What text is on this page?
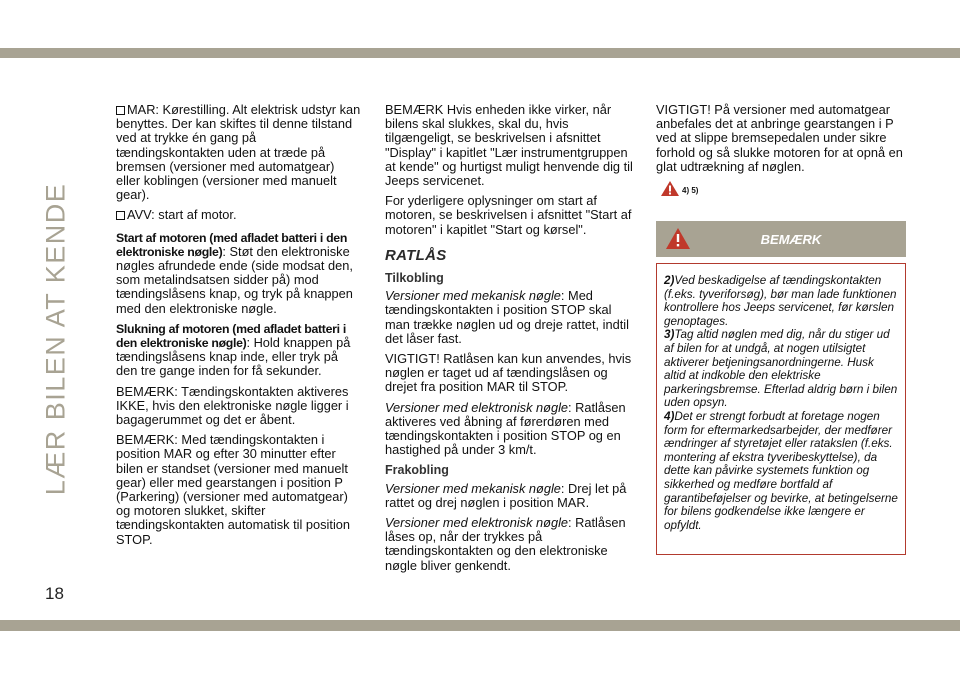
LÆR BILEN AT KENDE
18

MAR: Kørestilling. Alt elektrisk udstyr kan benyttes. Der kan skiftes til denne tilstand ved at trykke én gang på tændingskontakten uden at træde på bremsen (versioner med automatgear) eller koblingen (versioner med manuelt gear).

AVV: start af motor.

Start af motoren (med afladet batteri i den elektroniske nøgle): Støt den elektroniske nøgles afrundede ende (side modsat den, som metalindsatsen sidder på) mod tændingslåsens knap, og tryk på knappen med den elektroniske nøgle.

Slukning af motoren (med afladet batteri i den elektroniske nøgle): Hold knappen på tændingslåsens knap inde, eller tryk på den tre gange inden for få sekunder.

BEMÆRK: Tændingskontakten aktiveres IKKE, hvis den elektroniske nøgle ligger i bagagerummet og det er åbent.

BEMÆRK: Med tændingskontakten i position MAR og efter 30 minutter efter bilen er standset (versioner med manuelt gear) eller med gearstangen i position P (Parkering) (versioner med automatgear) og motoren slukket, skifter tændingskontakten automatisk til position STOP.

BEMÆRK Hvis enheden ikke virker, når bilens skal slukkes, skal du, hvis tilgængeligt, se beskrivelsen i afsnittet "Display" i kapitlet "Lær instrumentgruppen at kende" og hurtigst muligt henvende dig til Jeeps servicenet.

For yderligere oplysninger om start af motoren, se beskrivelsen i afsnittet "Start af motoren" i kapitlet "Start og kørsel".

RATLÅS
Tilkobling

Versioner med mekanisk nøgle: Med tændingskontakten i position STOP skal man trække nøglen ud og dreje rattet, indtil det låser fast.

VIGTIGT! Ratlåsen kan kun anvendes, hvis nøglen er taget ud af tændingslåsen og drejet fra position MAR til STOP.

Versioner med elektronisk nøgle: Ratlåsen aktiveres ved åbning af førerdøren med tændingskontakten i position STOP og en hastighed på under 3 km/t.

Frakobling

Versioner med mekanisk nøgle: Drej let på rattet og drej nøglen i position MAR.

Versioner med elektronisk nøgle: Ratlåsen låses op, når der trykkes på tændingskontakten og den elektroniske nøgle bliver genkendt.

VIGTIGT! På versioner med automatgear anbefales det at anbringe gearstangen i P ved at slippe bremsepedalen under sikre forhold og så slukke motoren for at opnå en glat udtrækning af nøglen.

4) 5)
BEMÆRK

2)Ved beskadigelse af tændingskontakten (f.eks. tyveriforsøg), bør man lade funktionen kontrollere hos Jeeps servicenet, før kørslen genoptages.

3)Tag altid nøglen med dig, når du stiger ud af bilen for at undgå, at nogen utilsigtet aktiverer betjeningsanordningerne. Husk altid at indkoble den elektriske parkeringsbremse. Efterlad aldrig børn i bilen uden opsyn.

4)Det er strengt forbudt at foretage nogen form for eftermarkedsarbejder, der medfører ændringer af styretøjet eller ratakslen (f.eks. montering af ekstra tyveribeskyttelse), da dette kan påvirke systemets funktion og sikkerhed og medføre bortfald af garantibeføjelser og bevirke, at betingelserne for bilens godkendelse ikke længere er opfyldt.
